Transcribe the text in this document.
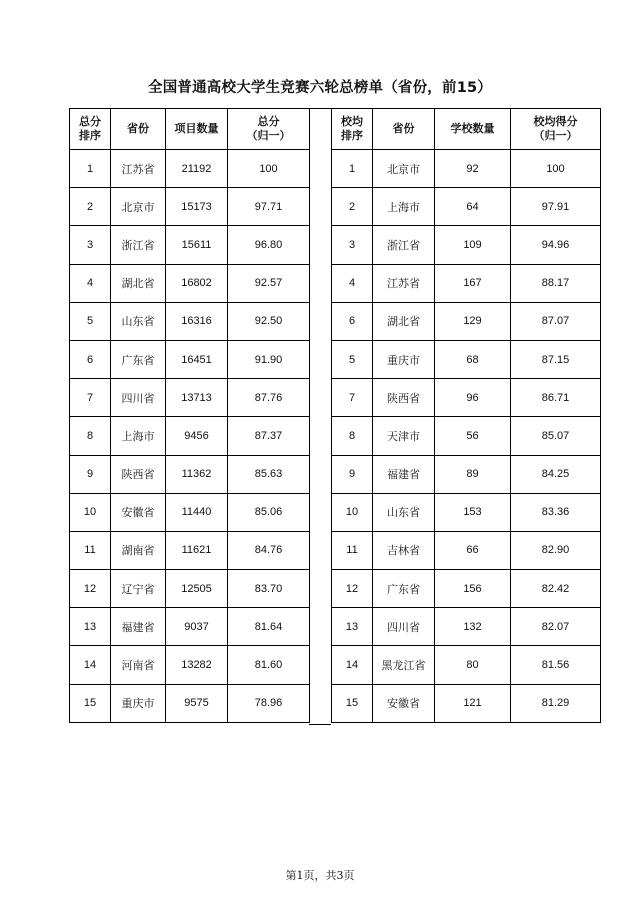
全国普通高校大学生竞赛六轮总榜单（省份，前15）
总分
排序	省份	项目数量	总分
（归一）
1	江苏省	21192	100
2	北京市	15173	97.71
3	浙江省	15611	96.80
4	湖北省	16802	92.57
5	山东省	16316	92.50
6	广东省	16451	91.90
7	四川省	13713	87.76
8	上海市	9456	87.37
9	陕西省	11362	85.63
10	安徽省	11440	85.06
11	湖南省	11621	84.76
12	辽宁省	12505	83.70
13	福建省	9037	81.64
14	河南省	13282	81.60
15	重庆市	9575	78.96
校均
排序	省份	学校数量	校均得分
（归一）
1	北京市	92	100
2	上海市	64	97.91
3	浙江省	109	94.96
4	江苏省	167	88.17
6	湖北省	129	87.07
5	重庆市	68	87.15
7	陕西省	96	86.71
8	天津市	56	85.07
9	福建省	89	84.25
10	山东省	153	83.36
11	吉林省	66	82.90
12	广东省	156	82.42
13	四川省	132	82.07
14	黑龙江省	80	81.56
15	安徽省	121	81.29
第1页，共3页
